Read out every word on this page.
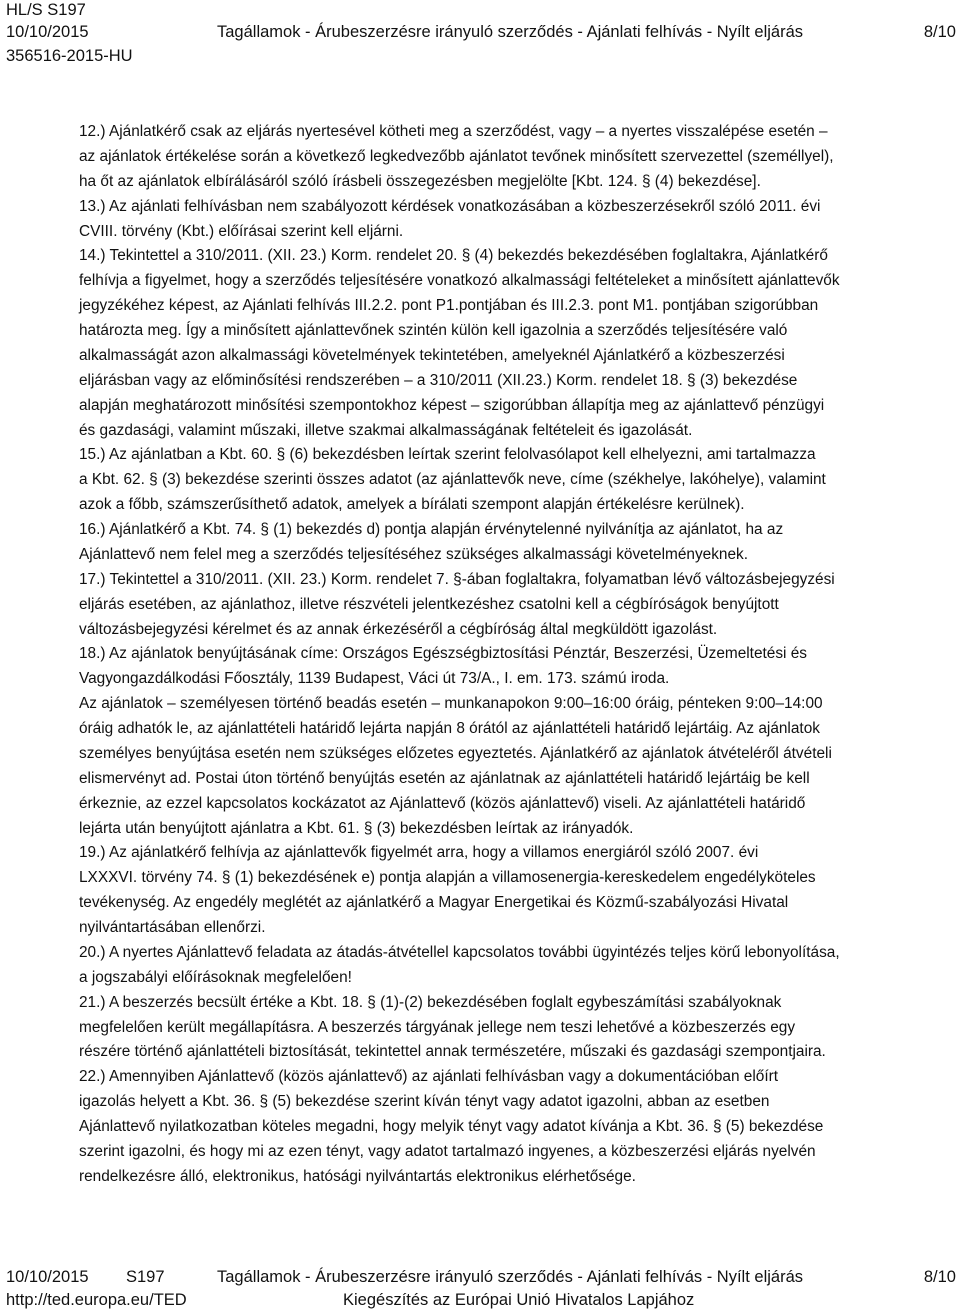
HL/S S197
10/10/2015	Tagállamok - Árubeszerzésre irányuló szerződés - Ajánlati felhívás - Nyílt eljárás	8/10
356516-2015-HU
12.) Ajánlatkérő csak az eljárás nyertesével kötheti meg a szerződést, vagy – a nyertes visszalépése esetén –
az ajánlatok értékelése során a következő legkedvezőbb ajánlatot tevőnek minősített szervezettel (személlyel),
ha őt az ajánlatok elbírálásáról szóló írásbeli összegezésben megjelölte [Kbt. 124. § (4) bekezdése].
13.) Az ajánlati felhívásban nem szabályozott kérdések vonatkozásában a közbeszerzésekről szóló 2011. évi
CVIII. törvény (Kbt.) előírásai szerint kell eljárni.
14.) Tekintettel a 310/2011. (XII. 23.) Korm. rendelet 20. § (4) bekezdés bekezdésében foglaltakra, Ajánlatkérő
felhívja a figyelmet, hogy a szerződés teljesítésére vonatkozó alkalmassági feltételeket a minősített ajánlattevők
jegyzékéhez képest, az Ajánlati felhívás III.2.2. pont P1.pontjában és III.2.3. pont M1. pontjában szigorúbban
határozta meg. Így a minősített ajánlattevőnek szintén külön kell igazolnia a szerződés teljesítésére való
alkalmasságát azon alkalmassági követelmények tekintetében, amelyeknél Ajánlatkérő a közbeszerzési
eljárásban vagy az előminősítési rendszerében – a 310/2011 (XII.23.) Korm. rendelet 18. § (3) bekezdése
alapján meghatározott minősítési szempontokhoz képest – szigorúbban állapítja meg az ajánlattevő pénzügyi
és gazdasági, valamint műszaki, illetve szakmai alkalmasságának feltételeit és igazolását.
15.) Az ajánlatban a Kbt. 60. § (6) bekezdésben leírtak szerint felolvasólapot kell elhelyezni, ami tartalmazza
a Kbt. 62. § (3) bekezdése szerinti összes adatot (az ajánlattevők neve, címe (székhelye, lakóhelye), valamint
azok a főbb, számszerűsíthető adatok, amelyek a bírálati szempont alapján értékelésre kerülnek).
16.) Ajánlatkérő a Kbt. 74. § (1) bekezdés d) pontja alapján érvénytelenné nyilvánítja az ajánlatot, ha az
Ajánlattevő nem felel meg a szerződés teljesítéséhez szükséges alkalmassági követelményeknek.
17.) Tekintettel a 310/2011. (XII. 23.) Korm. rendelet 7. §-ában foglaltakra, folyamatban lévő változásbejegyzési
eljárás esetében, az ajánlathoz, illetve részvételi jelentkezéshez csatolni kell a cégbíróságok benyújtott
változásbejegyzési kérelmet és az annak érkezéséről a cégbíróság által megküldött igazolást.
18.) Az ajánlatok benyújtásának címe: Országos Egészségbiztosítási Pénztár, Beszerzési, Üzemeltetési és
Vagyongazdálkodási Főosztály, 1139 Budapest, Váci út 73/A., I. em. 173. számú iroda.
Az ajánlatok – személyesen történő beadás esetén – munkanapokon 9:00–16:00 óráig, pénteken 9:00–14:00
óráig adhatók le, az ajánlattételi határidő lejárta napján 8 órától az ajánlattételi határidő lejártáig. Az ajánlatok
személyes benyújtása esetén nem szükséges előzetes egyeztetés. Ajánlatkérő az ajánlatok átvételéről átvételi
elismervényt ad. Postai úton történő benyújtás esetén az ajánlatnak az ajánlattételi határidő lejártáig be kell
érkeznie, az ezzel kapcsolatos kockázatot az Ajánlattevő (közös ajánlattevő) viseli. Az ajánlattételi határidő
lejárta után benyújtott ajánlatra a Kbt. 61. § (3) bekezdésben leírtak az irányadók.
19.) Az ajánlatkérő felhívja az ajánlattevők figyelmét arra, hogy a villamos energiáról szóló 2007. évi
LXXXVI. törvény 74. § (1) bekezdésének e) pontja alapján a villamosenergia-kereskedelem engedélyköteles
tevékenység. Az engedély meglétét az ajánlatkérő a Magyar Energetikai és Közmű-szabályozási Hivatal
nyilvántartásában ellenőrzi.
20.) A nyertes Ajánlattevő feladata az átadás-átvétellel kapcsolatos további ügyintézés teljes körű lebonyolítása,
a jogszabályi előírásoknak megfelelően!
21.) A beszerzés becsült értéke a Kbt. 18. § (1)-(2) bekezdésében foglalt egybeszámítási szabályoknak
megfelelően került megállapításra. A beszerzés tárgyának jellege nem teszi lehetővé a közbeszerzés egy
részére történő ajánlattételi biztosítását, tekintettel annak természetére, műszaki és gazdasági szempontjaira.
22.) Amennyiben Ajánlattevő (közös ajánlattevő) az ajánlati felhívásban vagy a dokumentációban előírt
igazolás helyett a Kbt. 36. § (5) bekezdése szerint kíván tényt vagy adatot igazolni, abban az esetben
Ajánlattevő nyilatkozatban köteles megadni, hogy melyik tényt vagy adatot kívánja a Kbt. 36. § (5) bekezdése
szerint igazolni, és hogy mi az ezen tényt, vagy adatot tartalmazó ingyenes, a közbeszerzési eljárás nyelvén
rendelkezésre álló, elektronikus, hatósági nyilvántartás elektronikus elérhetősége.
10/10/2015 S197	Tagállamok - Árubeszerzésre irányuló szerződés - Ajánlati felhívás - Nyílt eljárás	8/10
http://ted.europa.eu/TED	Kiegészítés az Európai Unió Hivatalos Lapjához
